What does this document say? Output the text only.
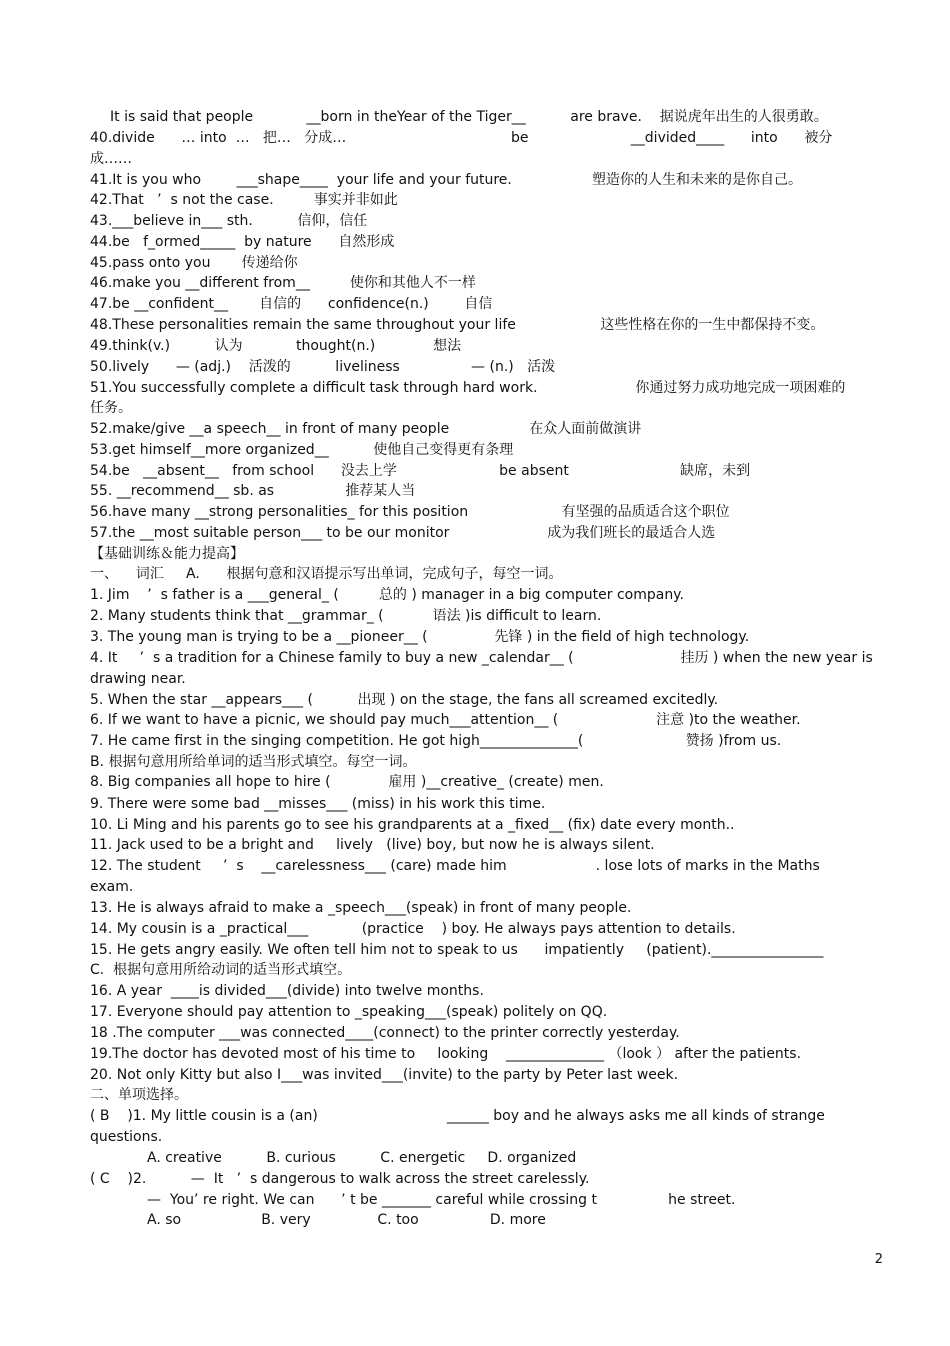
It is said that people            __born in theYear of the Tiger__          are brave.    据说虎年出生的人很勇敢。
40.divide      … into  …   把…   分成…                                     be                       __divided____      into      被分
成……
41.It is you who        ___shape____  your life and your future.                  塑造你的人生和未来的是你自己。
42.That   ’  s not the case.         事实并非如此
43.___believe in___ sth.          信仰，信任
44.be   f_ormed_____  by nature      自然形成
45.pass onto you       传递给你
46.make you __different from__         使你和其他人不一样
47.be __confident__       自信的      confidence(n.)        自信
48.These personalities remain the same throughout your life                   这些性格在你的一生中都保持不变。
49.think(v.)          认为            thought(n.)             想法
50.lively      — (adj.)    活泼的          liveliness                — (n.)   活泼
51.You successfully complete a difficult task through hard work.                      你通过努力成功地完成一项困难的
任务。
52.make/give __a speech__ in front of many people                  在众人面前做演讲
53.get himself__more organized__          使他自己变得更有条理
54.be   __absent__   from school      没去上学                       be absent                         缺席，未到
55. __recommend__ sb. as                推荐某人当
56.have many __strong personalities_ for this position                     有坚强的品质适合这个职位
57.the __most suitable person___ to be our monitor                      成为我们班长的最适合人选
【基础训练＆能力提高】
一、    词汇     A.      根据句意和汉语提示写出单词，完成句子，每空一词。
1. Jim    ’  s father is a ___general_ (         总的 ) manager in a big computer company.
2. Many students think that __grammar_ (           语法 )is difficult to learn.
3. The young man is trying to be a __pioneer__ (               先锋 ) in the field of high technology.
4. It     ’  s a tradition for a Chinese family to buy a new _calendar__ (                        挂历 ) when the new year is
drawing near.
5. When the star __appears___ (          出现 ) on the stage, the fans all screamed excitedly.
6. If we want to have a picnic, we should pay much___attention__ (                      注意 )to the weather.
7. He came first in the singing competition. He got high______________(                       赞扬 )from us.
B. 根据句意用所给单词的适当形式填空。每空一词。
8. Big companies all hope to hire (             雇用 )__creative_ (create) men.
9. There were some bad __misses___ (miss) in his work this time.
10. Li Ming and his parents go to see his grandparents at a _fixed__ (fix) date every month..
11. Jack used to be a bright and     lively   (live) boy, but now he is always silent.
12. The student     ’  s    __carelessness___ (care) made him                    . lose lots of marks in the Maths
exam.
13. He is always afraid to make a _speech___(speak) in front of many people.
14. My cousin is a _practical___            (practice    ) boy. He always pays attention to details.
15. He gets angry easily. We often tell him not to speak to us      impatiently     (patient).________________
C.  根据句意用所给动词的适当形式填空。
16. A year  ____is divided___(divide) into twelve months.
17. Everyone should pay attention to _speaking___(speak) politely on QQ.
18 .The computer ___was connected____(connect) to the printer correctly yesterday.
19.The doctor has devoted most of his time to     looking    ______________ （look ） after the patients.
20. Not only Kitty but also I___was invited___(invite) to the party by Peter last week.
二、单项选择。
( B    )1. My little cousin is a (an)                             ______ boy and he always asks me all kinds of strange
questions.
A. creative          B. curious          C. energetic     D. organized
( C    )2.          —  It   ’  s dangerous to walk across the street carelessly.
—  You’ re right. We can      ’ t be _______ careful while crossing t                he street.
A. so                  B. very               C. too                D. more
2
